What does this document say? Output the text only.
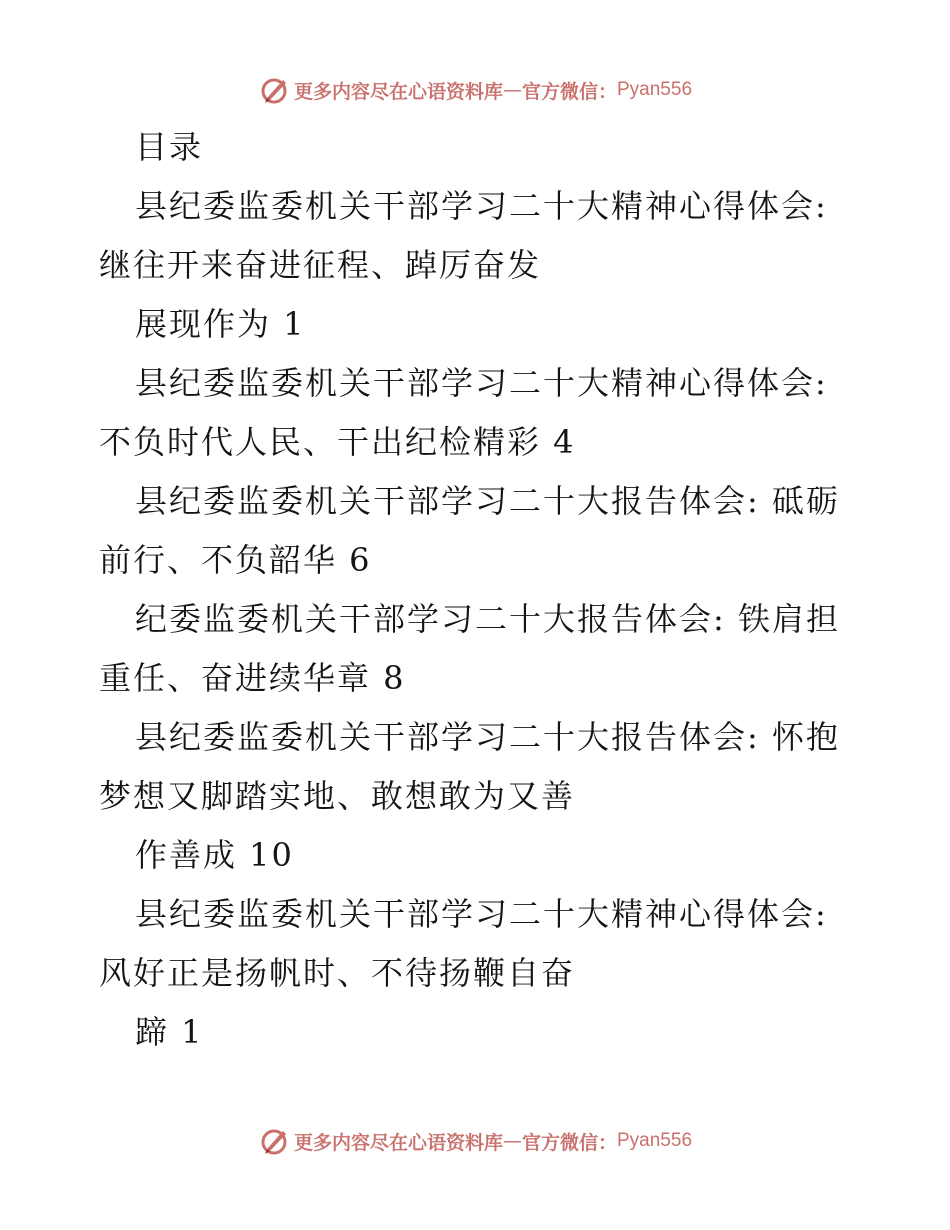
更多内容尽在心语资料库 — 官方微信： Pyan556
目录
县纪委监委机关干部学习二十大精神心得体会:
继往开来奋进征程、踔厉奋发
展现作为 1
县纪委监委机关干部学习二十大精神心得体会:
不负时代人民、干出纪检精彩 4
县纪委监委机关干部学习二十大报告体会: 砥砺
前行、不负韶华 6
纪委监委机关干部学习二十大报告体会: 铁肩担
重任、奋进续华章 8
县纪委监委机关干部学习二十大报告体会: 怀抱
梦想又脚踏实地、敢想敢为又善
作善成 10
县纪委监委机关干部学习二十大精神心得体会:
风好正是扬帆时、不待扬鞭自奋
蹄 1
更多内容尽在心语资料库 — 官方微信： Pyan556
